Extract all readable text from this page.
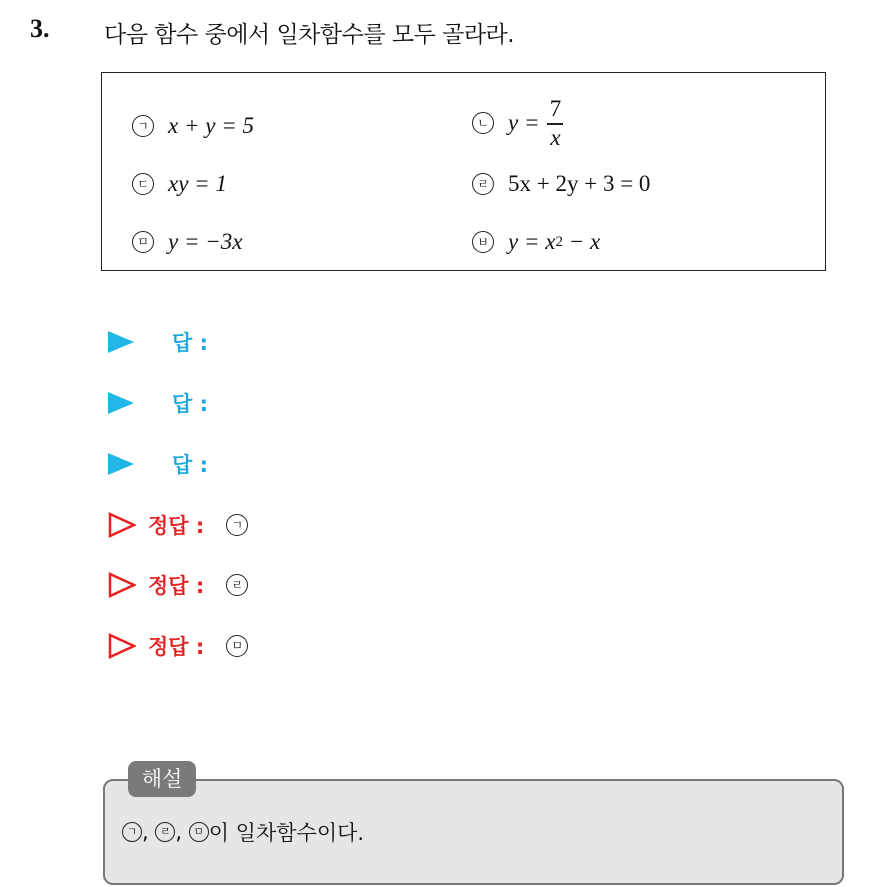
3. 다음 함수 중에서 일차함수를 모두 골라라.
ㄱ x + y = 5	ㄴ $y = \frac{7}{x}$
ㄷ xy = 1	ㄹ 5x + 2y + 3 = 0
ㅁ y = −3x	ㅂ y = x 2 − x
답 :
답 :
답 :
정답 :	ㄱ
정답 :	ㄹ
정답 :	ㅁ
해설
ㄱ , ㄹ , ㅁ 이 일차함수이다.
